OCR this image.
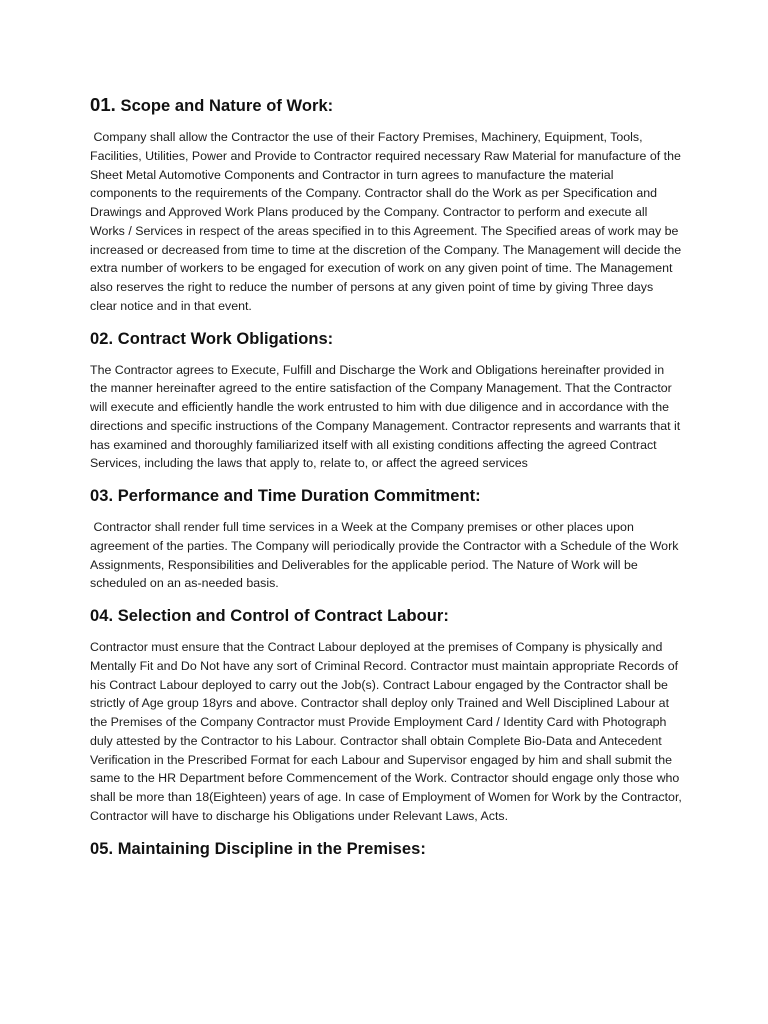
01. Scope and Nature of Work:

Company shall allow the Contractor the use of their Factory Premises, Machinery, Equipment, Tools, Facilities, Utilities, Power and Provide to Contractor required necessary Raw Material for manufacture of the Sheet Metal Automotive Components and Contractor in turn agrees to manufacture the material components to the requirements of the Company. Contractor shall do the Work as per Specification and Drawings and Approved Work Plans produced by the Company. Contractor to perform and execute all Works / Services in respect of the areas specified in to this Agreement. The Specified areas of work may be increased or decreased from time to time at the discretion of the Company. The Management will decide the extra number of workers to be engaged for execution of work on any given point of time. The Management also reserves the right to reduce the number of persons at any given point of time by giving Three days clear notice and in that event.

02. Contract Work Obligations:

The Contractor agrees to Execute, Fulfill and Discharge the Work and Obligations hereinafter provided in the manner hereinafter agreed to the entire satisfaction of the Company Management. That the Contractor will execute and efficiently handle the work entrusted to him with due diligence and in accordance with the directions and specific instructions of the Company Management. Contractor represents and warrants that it has examined and thoroughly familiarized itself with all existing conditions affecting the agreed Contract Services, including the laws that apply to, relate to, or affect the agreed services

03. Performance and Time Duration Commitment:

Contractor shall render full time services in a Week at the Company premises or other places upon agreement of the parties. The Company will periodically provide the Contractor with a Schedule of the Work Assignments, Responsibilities and Deliverables for the applicable period. The Nature of Work will be scheduled on an as-needed basis.

04. Selection and Control of Contract Labour:

Contractor must ensure that the Contract Labour deployed at the premises of Company is physically and Mentally Fit and Do Not have any sort of Criminal Record. Contractor must maintain appropriate Records of his Contract Labour deployed to carry out the Job(s). Contract Labour engaged by the Contractor shall be strictly of Age group 18yrs and above. Contractor shall deploy only Trained and Well Disciplined Labour at the Premises of the Company Contractor must Provide Employment Card / Identity Card with Photograph duly attested by the Contractor to his Labour. Contractor shall obtain Complete Bio-Data and Antecedent Verification in the Prescribed Format for each Labour and Supervisor engaged by him and shall submit the same to the HR Department before Commencement of the Work. Contractor should engage only those who shall be more than 18(Eighteen) years of age. In case of Employment of Women for Work by the Contractor, Contractor will have to discharge his Obligations under Relevant Laws, Acts.

05. Maintaining Discipline in the Premises:
